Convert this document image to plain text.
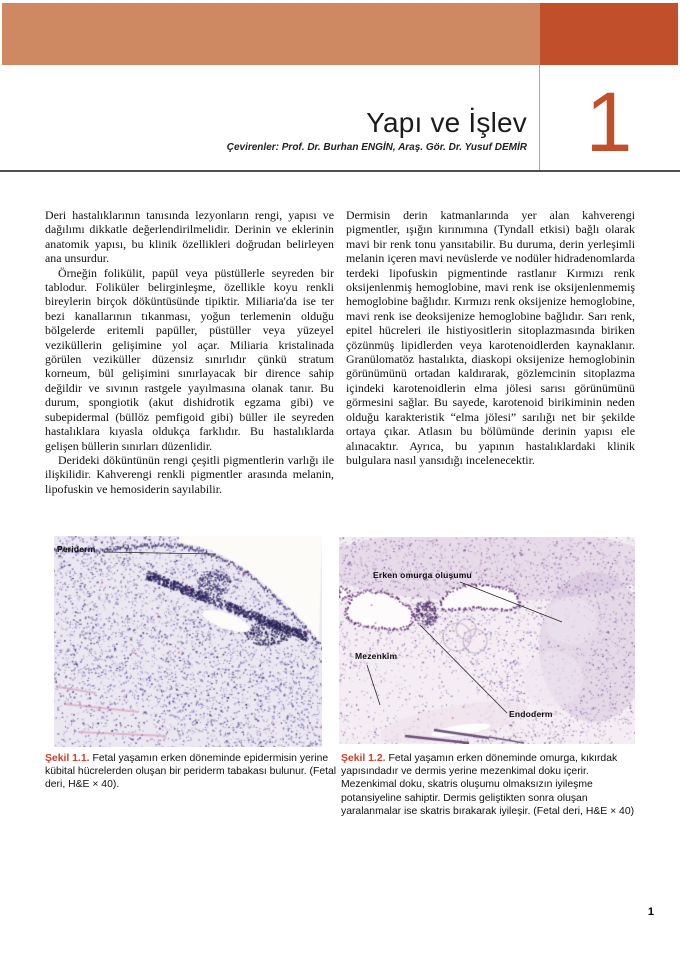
Yapı ve İşlev
Çevirenler: Prof. Dr. Burhan ENGİN, Araş. Gör. Dr. Yusuf DEMİR 1

Deri hastalıklarının tanısında lezyonların rengi, yapısı ve dağılımı dikkatle değerlendirilmelidir. Derinin ve eklerinin anatomik yapısı, bu klinik özellikleri doğrudan belirleyen ana unsurdur.

Örneğin folikülit, papül veya püstüllerle seyreden bir tablodur. Foliküler belirginleşme, özellikle koyu renkli bireylerin birçok döküntüsünde tipiktir. Miliaria'da ise ter bezi kanallarının tıkanması, yoğun terlemenin olduğu bölgelerde eritemli papüller, püstüller veya yüzeyel veziküllerin gelişimine yol açar. Miliaria kristalinada görülen veziküller düzensiz sınırlıdır çünkü stratum korneum, bül gelişimini sınırlayacak bir dirence sahip değildir ve sıvının rastgele yayılmasına olanak tanır. Bu durum, spongiotik (akut dishidrotik egzama gibi) ve subepidermal (büllöz pemfigoid gibi) büller ile seyreden hastalıklara kıyasla oldukça farklıdır. Bu hastalıklarda gelişen büllerin sınırları düzenlidir.

Derideki döküntünün rengi çeşitli pigmentlerin varlığı ile ilişkilidir. Kahverengi renkli pigmentler arasında melanin, lipofuskin ve hemosiderin sayılabilir.

Dermisin derin katmanlarında yer alan kahverengi pigmentler, ışığın kırınımına (Tyndall etkisi) bağlı olarak mavi bir renk tonu yansıtabilir. Bu duruma, derin yerleşimli melanin içeren mavi nevüslerde ve nodüler hidradenomlarda terdeki lipofuskin pigmentinde rastlanır Kırmızı renk oksijenlenmiş hemoglobine, mavi renk ise oksijenlenmemiş hemoglobine bağlıdır. Kırmızı renk oksijenize hemoglobine, mavi renk ise deoksijenize hemoglobine bağlıdır. Sarı renk, epitel hücreleri ile histiyositlerin sitoplazmasında biriken çözünmüş lipidlerden veya karotenoidlerden kaynaklanır. Granülomatöz hastalıkta, diaskopi oksijenize hemoglobinin görünümünü ortadan kaldırarak, gözlemcinin sitoplazma içindeki karotenoidlerin elma jölesi sarısı görünümünü görmesini sağlar. Bu sayede, karotenoid birikiminin neden olduğu karakteristik “elma jölesi” sarılığı net bir şekilde ortaya çıkar. Atlasın bu bölümünde derinin yapısı ele alınacaktır. Ayrıca, bu yapının hastalıklardaki klinik bulgulara nasıl yansıdığı incelenecektir.

Periderm
Erken omurga oluşumu
Mezenkim
Endoderm
Şekil 1.1. Fetal yaşamın erken döneminde epidermisin yerine kübital hücrelerden oluşan bir periderm tabakası bulunur. (Fetal deri, H&E × 40).
Şekil 1.2. Fetal yaşamın erken döneminde omurga, kıkırdak yapısındadır ve dermis yerine mezenkimal doku içerir. Mezenkimal doku, skatris oluşumu olmaksızın iyileşme potansiyeline sahiptir. Dermis geliştikten sonra oluşan yaralanmalar ise skatris bırakarak iyileşir. (Fetal deri, H&E × 40)
1
